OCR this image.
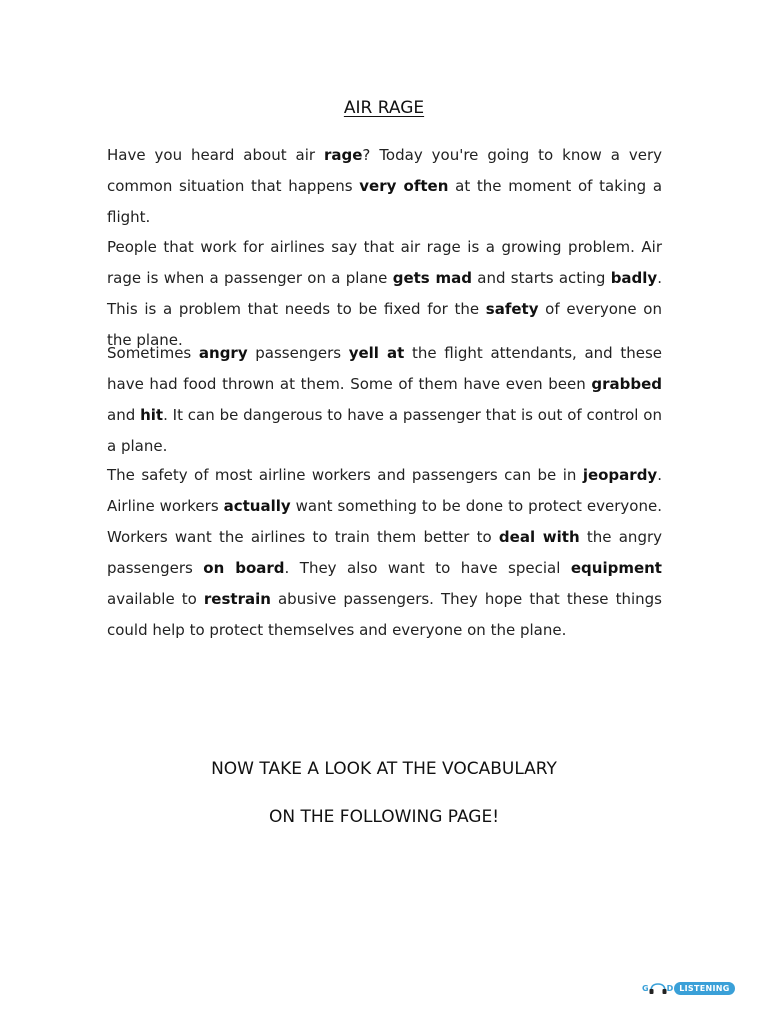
AIR RAGE

Have you heard about air rage? Today you're going to know a very common situation that happens very often at the moment of taking a flight.

People that work for airlines say that air rage is a growing problem. Air rage is when a passenger on a plane gets mad and starts acting badly. This is a problem that needs to be fixed for the safety of everyone on the plane.

Sometimes angry passengers yell at the flight attendants, and these have had food thrown at them. Some of them have even been grabbed and hit. It can be dangerous to have a passenger that is out of control on a plane.

The safety of most airline workers and passengers can be in jeopardy. Airline workers actually want something to be done to protect everyone. Workers want the airlines to train them better to deal with the angry passengers on board. They also want to have special equipment available to restrain abusive passengers. They hope that these things could help to protect themselves and everyone on the plane.

NOW TAKE A LOOK AT THE VOCABULARY

ON THE FOLLOWING PAGE!

G D LISTENING
